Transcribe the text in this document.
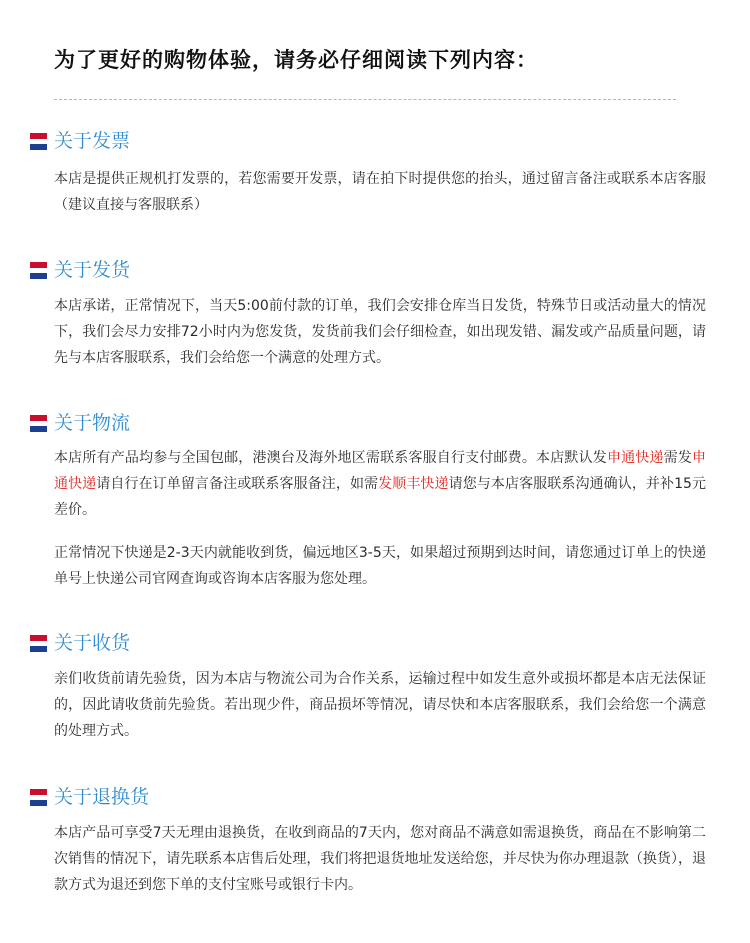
为了更好的购物体验，请务必仔细阅读下列内容：
关于发票
本店是提供正规机打发票的，若您需要开发票，请在拍下时提供您的抬头，通过留言备注或联系本店客服（建议直接与客服联系）
关于发货
本店承诺，正常情况下，当天5:00前付款的订单，我们会安排仓库当日发货，特殊节日或活动量大的情况下，我们会尽力安排72小时内为您发货，发货前我们会仔细检查，如出现发错、漏发或产品质量问题，请先与本店客服联系，我们会给您一个满意的处理方式。
关于物流
本店所有产品均参与全国包邮，港澳台及海外地区需联系客服自行支付邮费。本店默认发申通快递需发申通快递请自行在订单留言备注或联系客服备注，如需发顺丰快递请您与本店客服联系沟通确认，并补15元差价。
正常情况下快递是2-3天内就能收到货，偏远地区3-5天，如果超过预期到达时间，请您通过订单上的快递单号上快递公司官网查询或咨询本店客服为您处理。
关于收货
亲们收货前请先验货，因为本店与物流公司为合作关系，运输过程中如发生意外或损坏都是本店无法保证的，因此请收货前先验货。若出现少件，商品损坏等情况，请尽快和本店客服联系，我们会给您一个满意的处理方式。
关于退换货
本店产品可享受7天无理由退换货，在收到商品的7天内，您对商品不满意如需退换货，商品在不影响第二次销售的情况下，请先联系本店售后处理，我们将把退货地址发送给您，并尽快为你办理退款（换货），退款方式为退还到您下单的支付宝账号或银行卡内。
